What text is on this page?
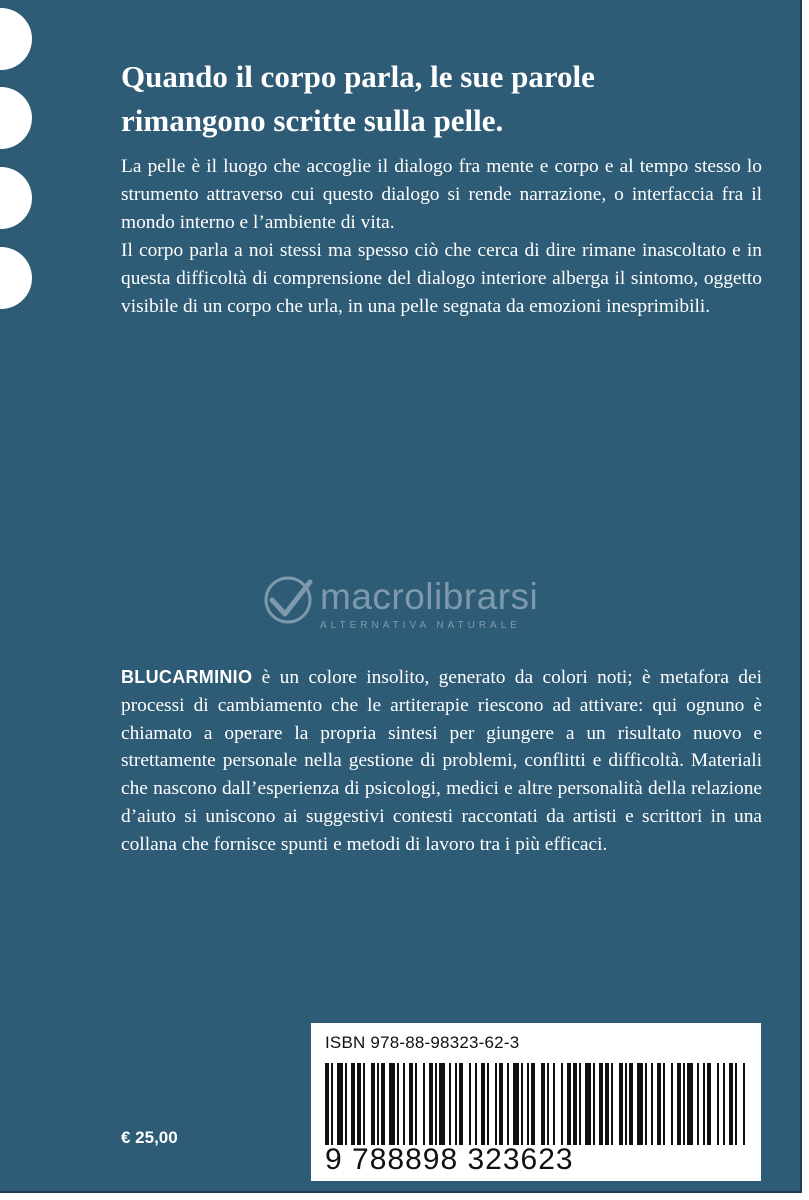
Quando il corpo parla, le sue parole
rimangono scritte sulla pelle.

La pelle è il luogo che accoglie il dialogo fra mente e corpo e al tempo stesso lo strumento attraverso cui questo dialogo si rende narrazione, o interfaccia fra il mondo interno e l’ambiente di vita.

Il corpo parla a noi stessi ma spesso ciò che cerca di dire rimane inascoltato e in questa difficoltà di comprensione del dialogo interiore alberga il sintomo, oggetto visibile di un corpo che urla, in una pelle segnata da emozioni inesprimibili.

macrolibrarsi
ALTERNATIVA NATURALE

BLUCARMINIO è un colore insolito, generato da colori noti; è metafora dei processi di cambiamento che le artiterapie riescono ad attivare: qui ognuno è chiamato a operare la propria sintesi per giungere a un risultato nuovo e strettamente personale nella gestione di problemi, conflitti e difficoltà. Materiali che nascono dall’esperienza di psicologi, medici e altre personalità della relazione d’aiuto si uniscono ai suggestivi contesti raccontati da artisti e scrittori in una collana che fornisce spunti e metodi di lavoro tra i più efficaci.

ISBN 978-88-98323-62-3
9 788898 323623
€ 25,00
